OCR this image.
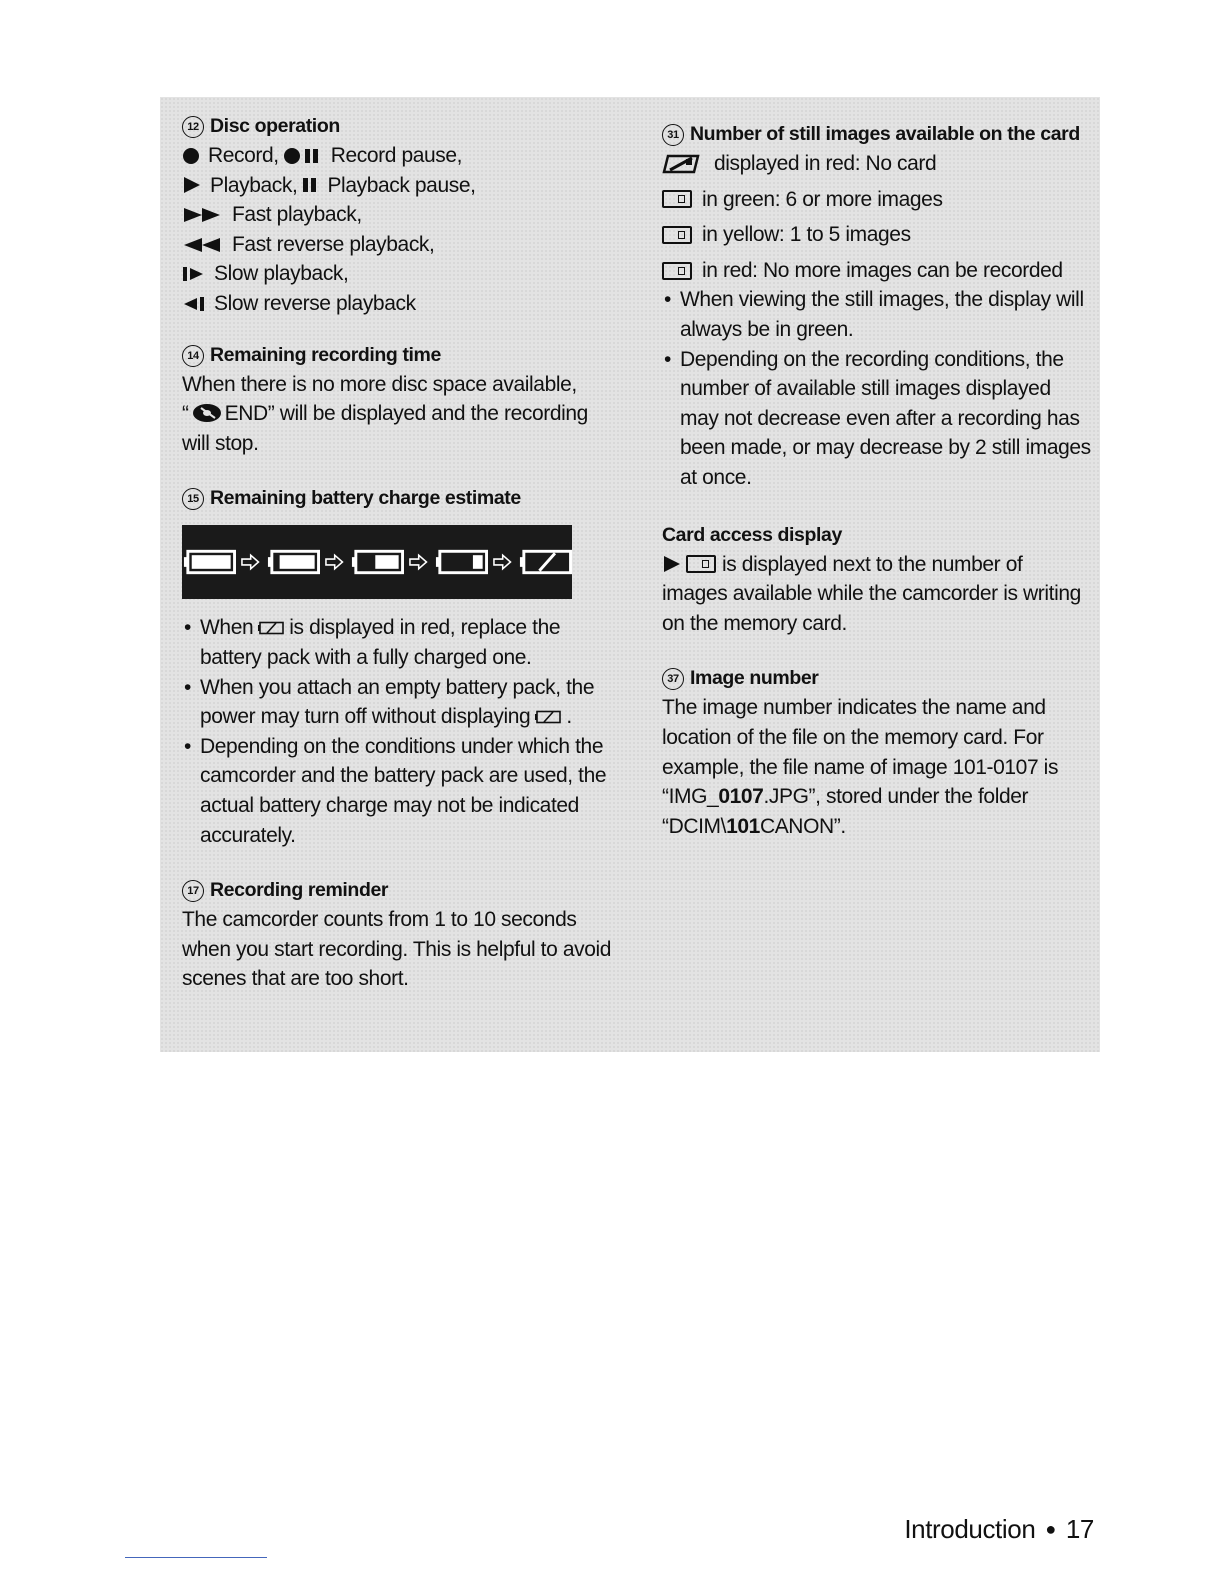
12 Disc operation
Record, Record pause,
Playback, Playback pause,
Fast playback,
Fast reverse playback,
Slow playback,
Slow reverse playback
14 Remaining recording time

When there is no more disc space available,
“ END” will be displayed and the recording
will stop.

15 Remaining battery charge estimate
• When is displayed in red, replace the battery pack with a fully charged one.
• When you attach an empty battery pack, the power may turn off without displaying .
• Depending on the conditions under which the camcorder and the battery pack are used, the actual battery charge may not be indicated accurately.
17 Recording reminder

The camcorder counts from 1 to 10 seconds when you start recording. This is helpful to avoid scenes that are too short.

31 Number of still images available on the card
displayed in red: No card
in green: 6 or more images
in yellow: 1 to 5 images
in red: No more images can be recorded
• When viewing the still images, the display will always be in green.
• Depending on the recording conditions, the number of available still images displayed may not decrease even after a recording has been made, or may decrease by 2 still images at once.
Card access display

is displayed next to the number of images available while the camcorder is writing on the memory card.

37 Image number

The image number indicates the name and location of the file on the memory card. For example, the file name of image 101-0107 is “IMG_0107.JPG”, stored under the folder “DCIM\101CANON”.

Introduction ● 17
